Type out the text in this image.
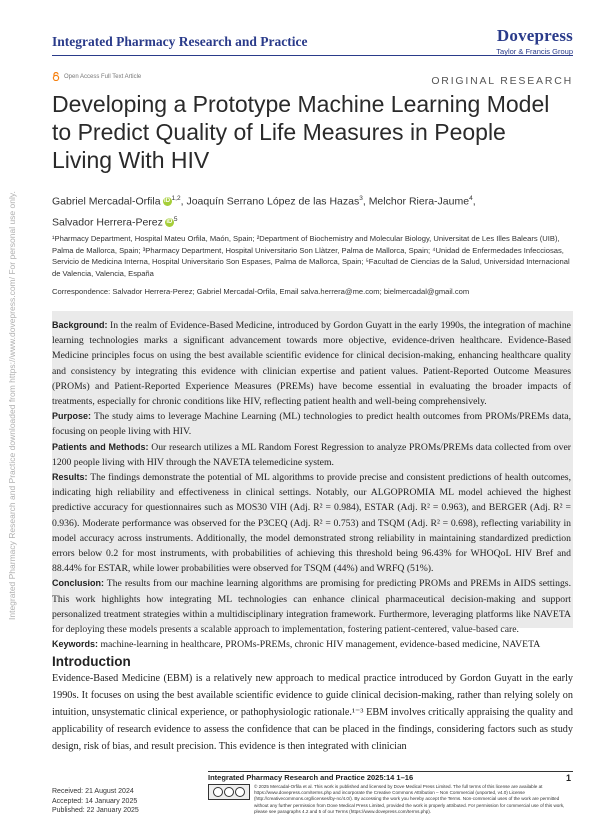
Integrated Pharmacy Research and Practice	Dovepress
Taylor & Francis Group
Open Access Full Text Article	ORIGINAL RESEARCH
Developing a Prototype Machine Learning Model to Predict Quality of Life Measures in People Living With HIV
Gabriel Mercadal-Orfila iD $^{1,2}$, Joaquín Serrano López de las Hazas$^3$, Melchor Riera-Jaume$^4$,
Salvador Herrera-Perez iD $^5$
¹Pharmacy Department, Hospital Mateu Orfila, Maón, Spain; ²Department of Biochemistry and Molecular Biology, Universitat de Les Illes Balears (UIB), Palma de Mallorca, Spain; ³Pharmacy Department, Hospital Universitario Son Llàtzer, Palma de Mallorca, Spain; ⁴Unidad de Enfermedades Infecciosas, Servicio de Medicina Interna, Hospital Universitario Son Espases, Palma de Mallorca, Spain; ⁵Facultad de Ciencias de la Salud, Universidad Internacional de Valencia, Valencia, España
Correspondence: Salvador Herrera-Perez; Gabriel Mercadal-Orfila, Email salva.herrera@me.com; bielmercadal@gmail.com
Integrated Pharmacy Research and Practice downloaded from https://www.dovepress.com/ For personal use only.	Background: In the realm of Evidence-Based Medicine, introduced by Gordon Guyatt in the early 1990s, the integration of machine learning technologies marks a significant advancement towards more objective, evidence-driven healthcare. Evidence-Based Medicine principles focus on using the best available scientific evidence for clinical decision-making, enhancing healthcare quality and consistency by integrating this evidence with clinician expertise and patient values. Patient-Reported Outcome Measures (PROMs) and Patient-Reported Experience Measures (PREMs) have become essential in evaluating the broader impacts of treatments, especially for chronic conditions like HIV, reflecting patient health and well-being comprehensively.

Purpose: The study aims to leverage Machine Learning (ML) technologies to predict health outcomes from PROMs/PREMs data, focusing on people living with HIV.

Patients and Methods: Our research utilizes a ML Random Forest Regression to analyze PROMs/PREMs data collected from over 1200 people living with HIV through the NAVETA telemedicine system.

Results: The findings demonstrate the potential of ML algorithms to provide precise and consistent predictions of health outcomes, indicating high reliability and effectiveness in clinical settings. Notably, our ALGOPROMIA ML model achieved the highest predictive accuracy for questionnaires such as MOS30 VIH (Adj. R² = 0.984), ESTAR (Adj. R² = 0.963), and BERGER (Adj. R² = 0.936). Moderate performance was observed for the P3CEQ (Adj. R² = 0.753) and TSQM (Adj. R² = 0.698), reflecting variability in model accuracy across instruments. Additionally, the model demonstrated strong reliability in maintaining standardized prediction errors below 0.2 for most instruments, with probabilities of achieving this threshold being 96.43% for WHOQoL HIV Bref and 88.44% for ESTAR, while lower probabilities were observed for TSQM (44%) and WRFQ (51%).

Conclusion: The results from our machine learning algorithms are promising for predicting PROMs and PREMs in AIDS settings. This work highlights how integrating ML technologies can enhance clinical pharmaceutical decision-making and support personalized treatment strategies within a multidisciplinary integration framework. Furthermore, leveraging platforms like NAVETA for deploying these models presents a scalable approach to implementation, fostering patient-centered, value-based care.

Keywords: machine-learning in healthcare, PROMs-PREMs, chronic HIV management, evidence-based medicine, NAVETA

Introduction

Evidence-Based Medicine (EBM) is a relatively new approach to medical practice introduced by Gordon Guyatt in the early 1990s. It focuses on using the best available scientific evidence to guide clinical decision-making, rather than relying solely on intuition, unsystematic clinical experience, or pathophysiologic rationale.¹⁻³ EBM involves critically appraising the quality and applicability of research evidence to assess the confidence that can be placed in the findings, considering factors such as study design, risk of bias, and result precision. This evidence is then integrated with clinician

Received: 21 August 2024
Accepted: 14 January 2025
Published: 22 January 2025
Integrated Pharmacy Research and Practice 2025:14 1–16	1
© 2025 Mercadal-Orfila et al. This work is published and licensed by Dove Medical Press Limited. The full terms of this license are available at https://www.dovepress.com/terms.php and incorporate the Creative Commons Attribution – Non Commercial (unported, v4.0) License (http://creativecommons.org/licenses/by-nc/4.0/). By accessing the work you hereby accept the Terms. Non-commercial uses of the work are permitted without any further permission from Dove Medical Press Limited, provided the work is properly attributed. For permission for commercial use of this work, please see paragraphs 4.2 and 5 of our Terms (https://www.dovepress.com/terms.php).
